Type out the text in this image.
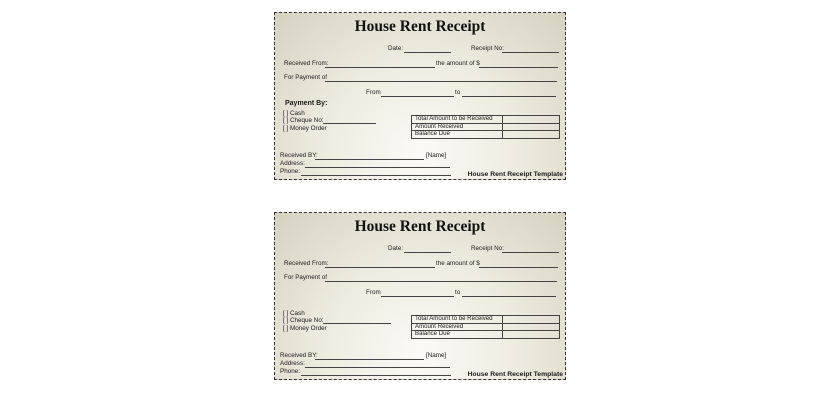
House Rent Receipt
Date:	Receipt No:
Received From:	the amount of $
For Payment of
From	to
Payment By:
[ ] Cash
[ ] Cheque No:
[ ] Money Order
Total Amount to be Received	
Amount Received	
Balance Due	
Received BY:	[Name]
Address:
Phone:	House Rent Receipt Template
House Rent Receipt
Date:	Receipt No:
Received From:	the amount of $
For Payment of
From	to
[ ] Cash
[ ] Cheque No:
[ ] Money Order
Total Amount to be Received	
Amount Received	
Balance Due	
Received BY:	[Name]
Address:
Phone:	House Rent Receipt Template
